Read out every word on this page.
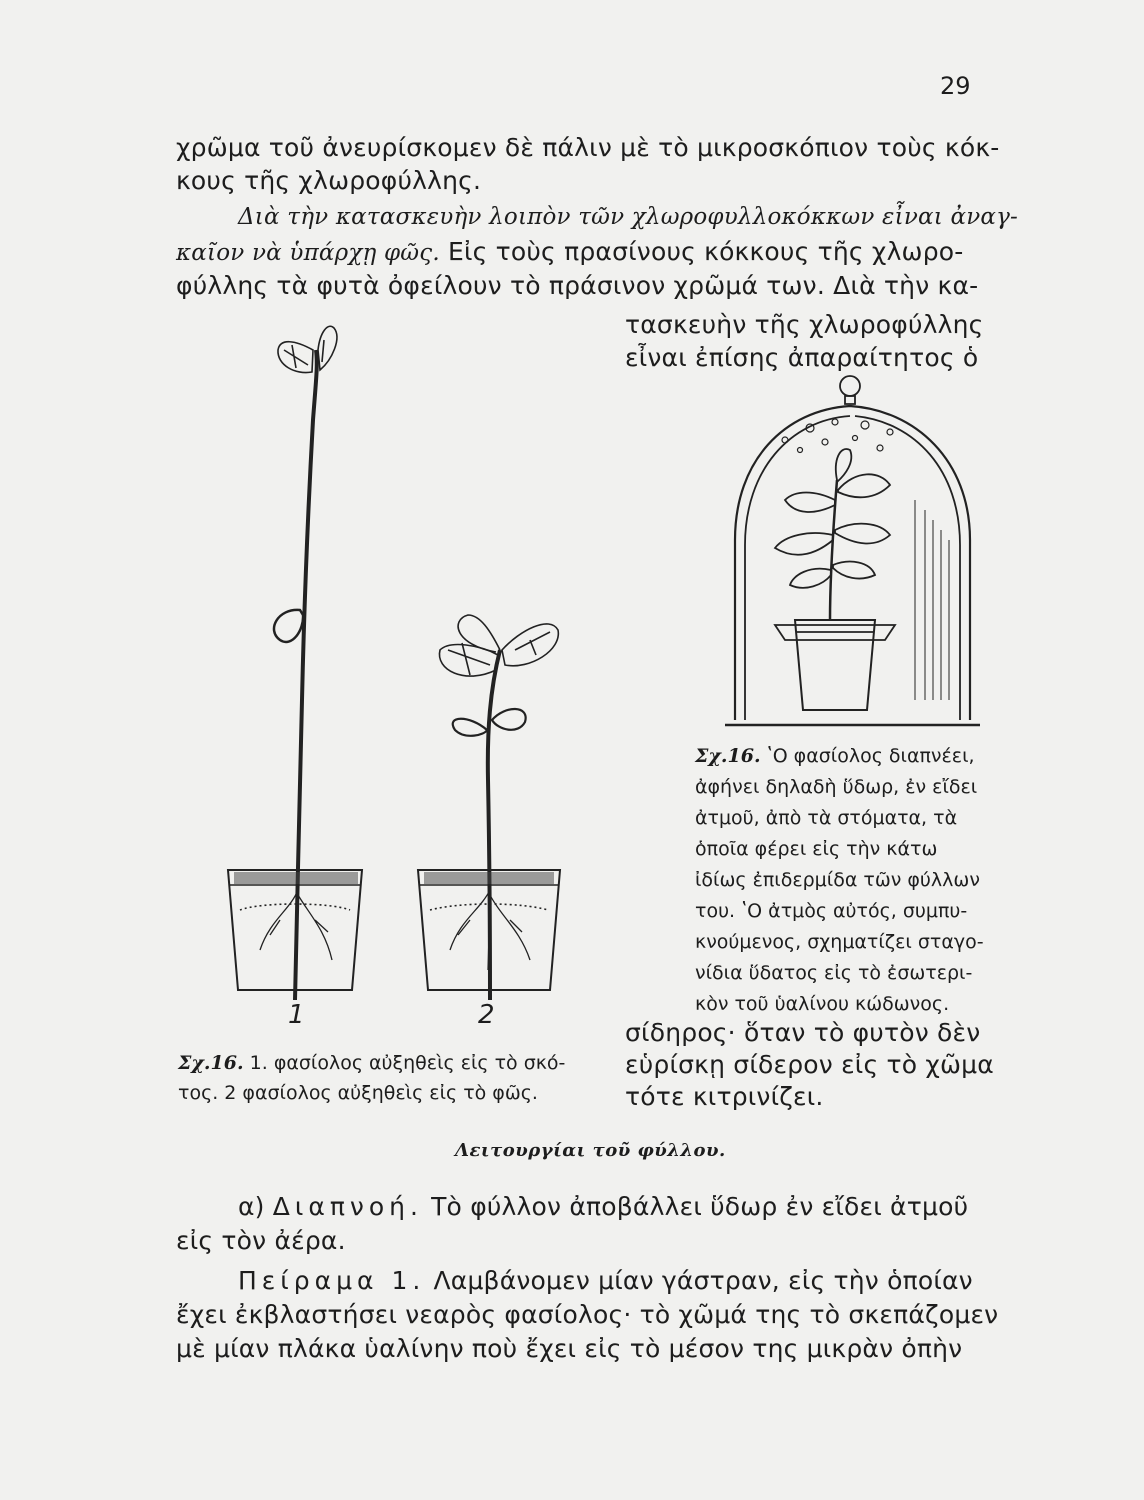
29
χρῶμα τοῦ ἀνευρίσκομεν δὲ πάλιν μὲ τὸ μικροσκόπιον τοὺς κόκ-
κους τῆς χλωροφύλλης.
Διὰ τὴν κατασκευὴν λοιπὸν τῶν χλωροφυλλοκόκκων εἶναι ἀναγ-
καῖον νὰ ὑπάρχῃ φῶς. Εἰς τοὺς πρασίνους κόκκους τῆς χλωρο-
φύλλης τὰ φυτὰ ὀφείλουν τὸ πράσινον χρῶμά των. Διὰ τὴν κα-
τασκευὴν τῆς χλωροφύλλης
εἶναι ἐπίσης ἀπαραίτητος ὁ
1	2
Σχ.16. 1. φασίολος αὐξηθεὶς εἰς τὸ σκό-
τος. 2 φασίολος αὐξηθεὶς εἰς τὸ φῶς.
Σχ.16. ʽΟ φασίολος διαπνέει,
ἀφήνει δηλαδὴ ὕδωρ, ἐν εἴδει
ἀτμοῦ, ἀπὸ τὰ στόματα, τὰ
ὁποῖα φέρει εἰς τὴν κάτω
ἰδίως ἐπιδερμίδα τῶν φύλλων
του. ʽΟ ἀτμὸς αὐτός, συμπυ-
κνούμενος, σχηματίζει σταγο-
νίδια ὕδατος εἰς τὸ ἐσωτερι-
κὸν τοῦ ὑαλίνου κώδωνος.
σίδηρος· ὅταν τὸ φυτὸν δὲν
εὑρίσκῃ σίδερον εἰς τὸ χῶμα
τότε κιτρινίζει.
Λειτουργίαι τοῦ φύλλου.
α) Διαπνοή. Τὸ φύλλον ἀποβάλλει ὕδωρ ἐν εἴδει ἀτμοῦ
εἰς τὸν ἀέρα.
Πείραμα 1. Λαμβάνομεν μίαν γάστραν, εἰς τὴν ὁποίαν
ἔχει ἐκβλαστήσει νεαρὸς φασίολος· τὸ χῶμά της τὸ σκεπάζομεν
μὲ μίαν πλάκα ὑαλίνην ποὺ ἔχει εἰς τὸ μέσον της μικρὰν ὀπὴν
